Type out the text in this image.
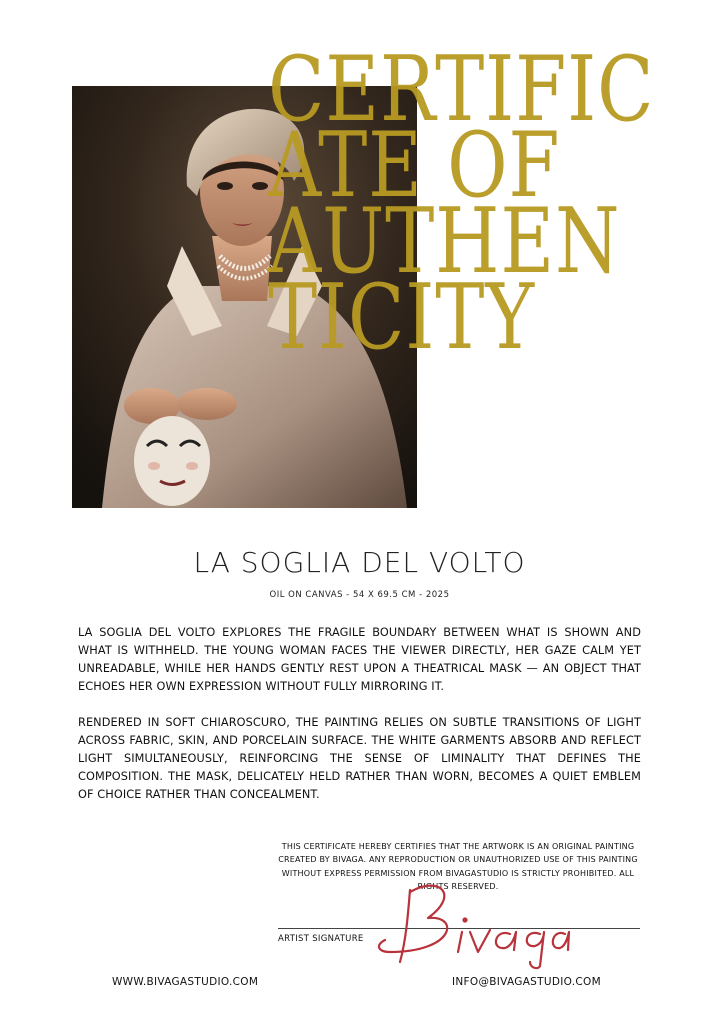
CERTIFIC
ATE OF
AUTHEN
TICITY
LA SOGLIA DEL VOLTO
OIL ON CANVAS - 54 X 69.5 CM - 2025
LA SOGLIA DEL VOLTO EXPLORES THE FRAGILE BOUNDARY BETWEEN WHAT IS SHOWN AND WHAT IS WITHHELD. THE YOUNG WOMAN FACES THE VIEWER DIRECTLY, HER GAZE CALM YET UNREADABLE, WHILE HER HANDS GENTLY REST UPON A THEATRICAL MASK — AN OBJECT THAT ECHOES HER OWN EXPRESSION WITHOUT FULLY MIRRORING IT.
RENDERED IN SOFT CHIAROSCURO, THE PAINTING RELIES ON SUBTLE TRANSITIONS OF LIGHT ACROSS FABRIC, SKIN, AND PORCELAIN SURFACE. THE WHITE GARMENTS ABSORB AND REFLECT LIGHT SIMULTANEOUSLY, REINFORCING THE SENSE OF LIMINALITY THAT DEFINES THE COMPOSITION. THE MASK, DELICATELY HELD RATHER THAN WORN, BECOMES A QUIET EMBLEM OF CHOICE RATHER THAN CONCEALMENT.
THIS CERTIFICATE HEREBY CERTIFIES THAT THE ARTWORK IS AN ORIGINAL PAINTING CREATED BY BIVAGA. ANY REPRODUCTION OR UNAUTHORIZED USE OF THIS PAINTING WITHOUT EXPRESS PERMISSION FROM BIVAGASTUDIO IS STRICTLY PROHIBITED. ALL RIGHTS RESERVED.
ARTIST SIGNATURE
WWW.BIVAGASTUDIO.COM	INFO@BIVAGASTUDIO.COM
